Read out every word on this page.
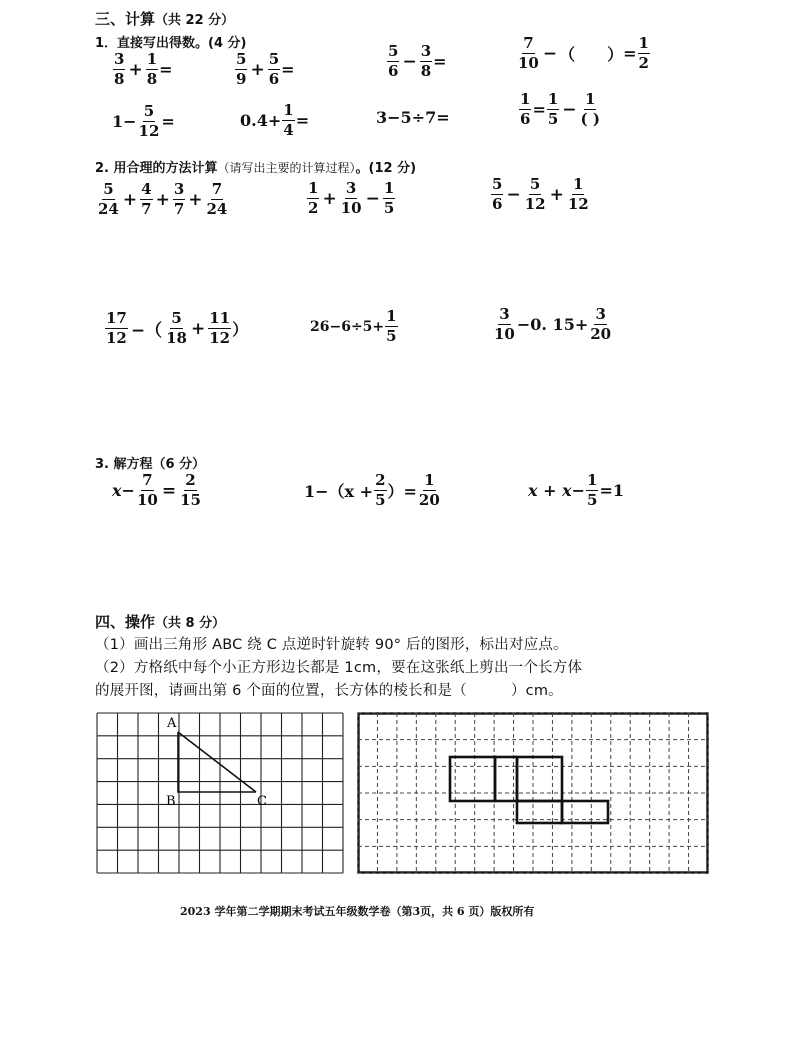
三、计算（共 22 分）
1．直接写出得数。(4 分)
$\frac{3}{8} + \frac{1}{8}$ =	$\frac{5}{9} + \frac{5}{6}$ =	$\frac{5}{6} - \frac{3}{8}$ =	$\frac{7}{10}$ − （　　） = $\frac{1}{2}$
$1- \frac{5}{12}$ =	$0.4+ \frac{1}{4}$ =	3−5÷7=	$\frac{1}{6} = \frac{1}{5} - \frac{1}{( )}$
2. 用合理的方法计算（请写出主要的计算过程）。(12 分)
$\frac{5}{24} + \frac{4}{7} + \frac{3}{7} + \frac{7}{24}$	$\frac{1}{2} + \frac{3}{10} - \frac{1}{5}$	$\frac{5}{6} - \frac{5}{12} + \frac{1}{12}$
$\frac{17}{12}$ −（ $\frac{5}{18} + \frac{11}{12}$ ）	$26-6\div 5+ \frac{1}{5}$	$\frac{3}{10} -0$. $15+ \frac{3}{20}$
3. 解方程（6 分）
$x- \frac{7}{10} = \frac{2}{15}$	$1-(x + \frac{2}{5}$ ）= $\frac{1}{20}$	$x + x- \frac{1}{5} =1$
四、操作（共 8 分）
（1）画出三角形 ABC 绕 C 点逆时针旋转 90° 后的图形，标出对应点。
（2）方格纸中每个小正方形边长都是 1cm，要在这张纸上剪出一个长方体
的展开图，请画出第 6 个面的位置，长方体的棱长和是（　　　）cm。
A
B	C
2023 学年第二学期期末考试五年级数学卷（第3页，共 6 页）版权所有
